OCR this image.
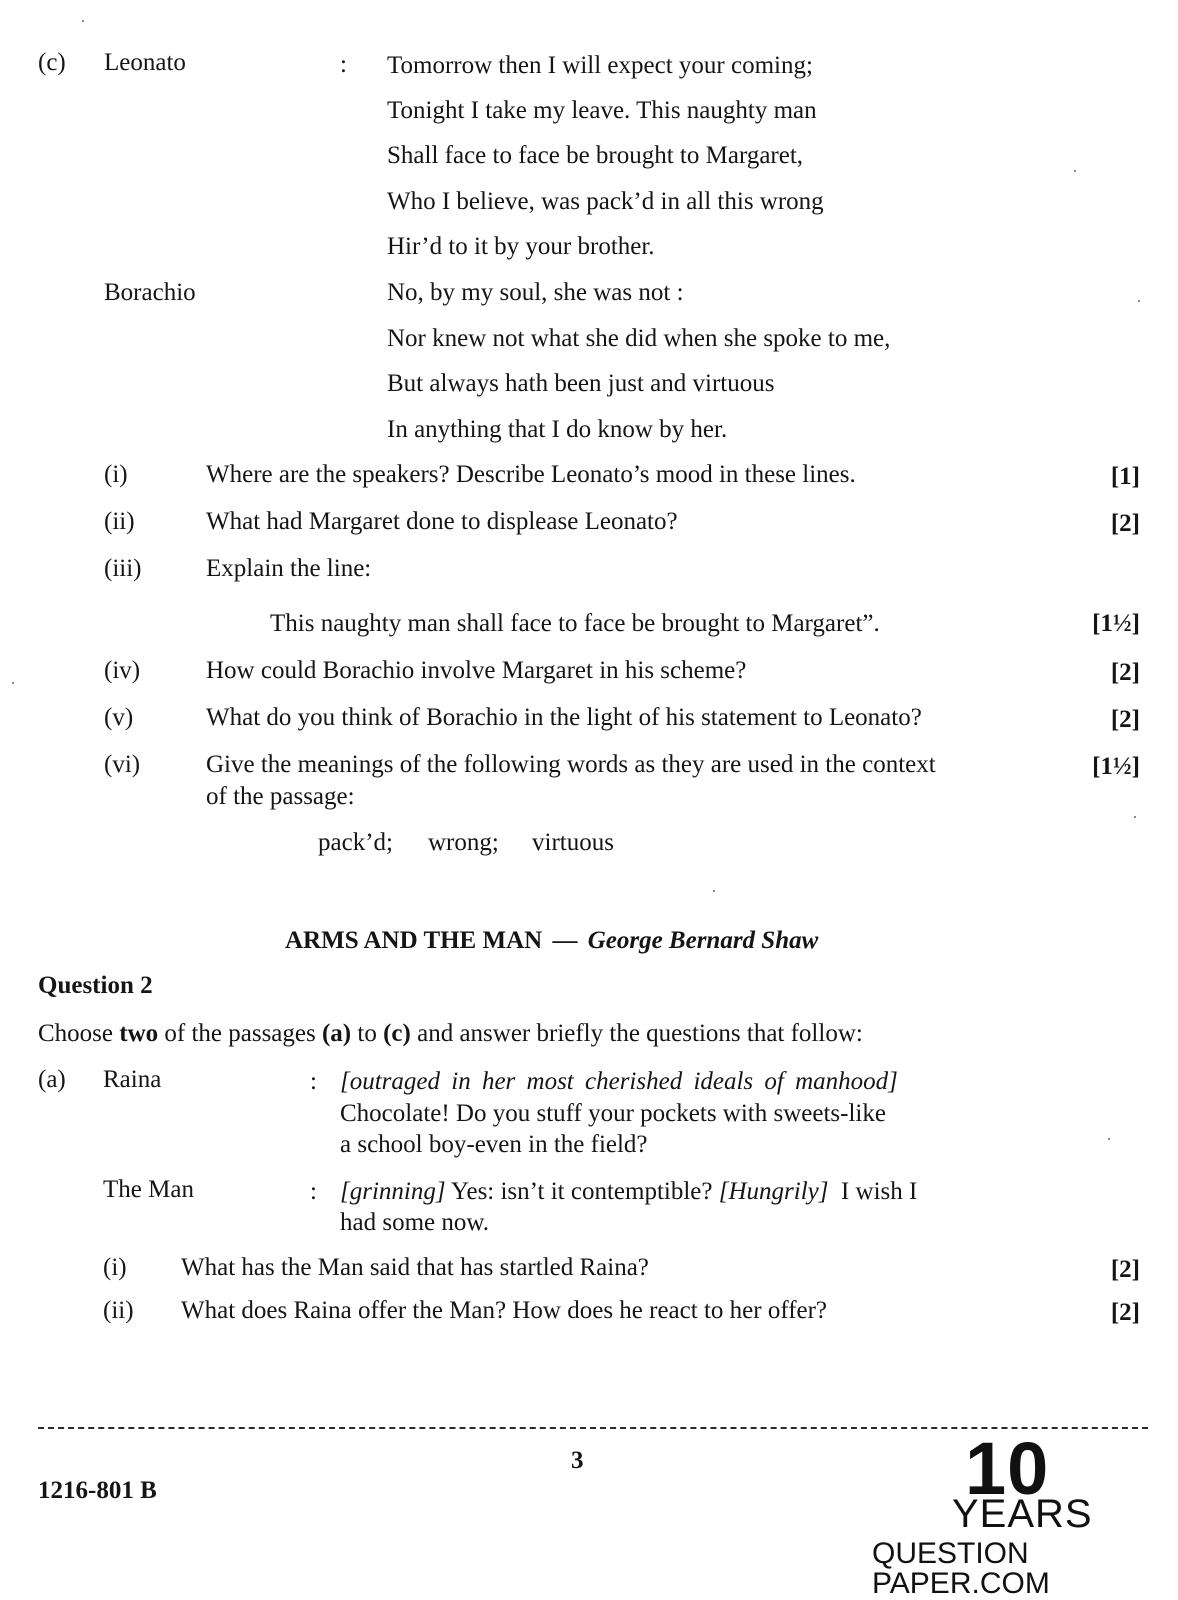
(c) Leonato	: Tomorrow then I will expect your coming;
Tonight I take my leave. This naughty man
Shall face to face be brought to Margaret,
Who I believe, was pack’d in all this wrong
Hir’d to it by your brother.
Borachio	No, by my soul, she was not :
Nor knew not what she did when she spoke to me,
But always hath been just and virtuous
In anything that I do know by her.
(i)	Where are the speakers? Describe Leonato’s mood in these lines.	[1]
(ii)	What had Margaret done to displease Leonato?	[2]
(iii)	Explain the line:
This naughty man shall face to face be brought to Margaret”.	[1½]
(iv)	How could Borachio involve Margaret in his scheme?	[2]
(v)	What do you think of Borachio in the light of his statement to Leonato?	[2]
(vi)	Give the meanings of the following words as they are used in the context
of the passage:
[1½]
pack’d; wrong; virtuous
ARMS AND THE MAN — George Bernard Shaw
Question 2
Choose two of the passages (a) to (c) and answer briefly the questions that follow:
(a) Raina	: [outraged in her most cherished ideals of manhood]
Chocolate! Do you stuff your pockets with sweets-like
a school boy-even in the field?
The Man	: [grinning] Yes: isn’t it contemptible? [Hungrily]  I wish I
had some now.
(i) What has the Man said that has startled Raina?	[2]
(ii) What does Raina offer the Man? How does he react to her offer?	[2]
3
1216-801 B	10
YEARS
QUESTION PAPER.COM
